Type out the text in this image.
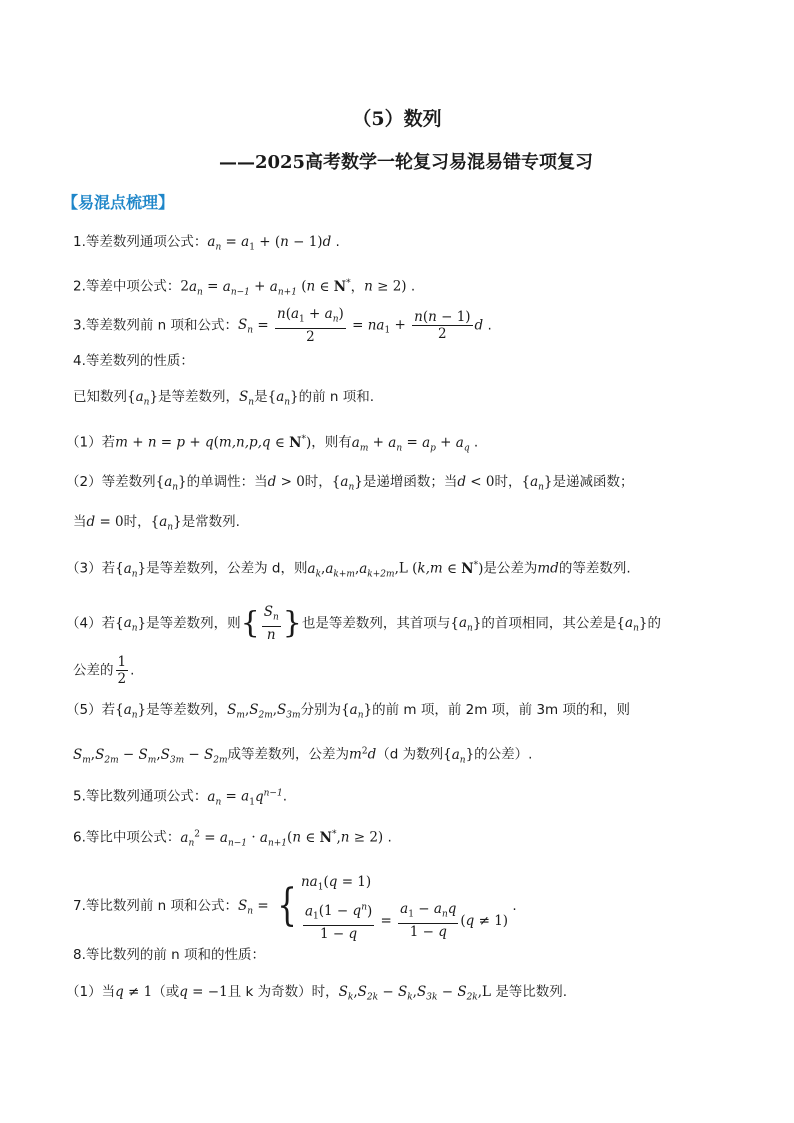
（5）数列
——2025高考数学一轮复习易混易错专项复习
【易混点梳理】
1.等差数列通项公式：$a_n = a_1 + (n - 1)d$ .
2.等差中项公式：$2a_n = a_{n-1} + a_{n+1}$ (n ∈ N*，n ≥ 2) .
3.等差数列前 n 项和公式：$S_n = \frac{n(a_1 + a_n)}{2} = na_1 + \frac{n(n - 1)}{2}$ d .
4.等差数列的性质：
已知数列$\{a_n\}$是等差数列，$S_n$是$\{a_n\}$的前 n 项和.
（1）若m + n = p + q(m,n,p,q ∈ N*)，则有$a_m + a_n = a_p + a_q$ .
（2）等差数列$\{a_n\}$的单调性：当d > 0时，$\{a_n\}$是递增函数；当d < 0时，$\{a_n\}$是递减函数；
当d = 0时，$\{a_n\}$是常数列.
（3）若$\{a_n\}$是等差数列，公差为 d，则$a_k,a_{k+m},a_{k+2m},L$ (k,m ∈ N*)是公差为md的等差数列.
（4）若$\{a_n\}$是等差数列，则{ $\frac{S_n}{n}$ }也是等差数列，其首项与$\{a_n\}$的首项相同，其公差是$\{a_n\}$的
公差的 $\frac{1}{2}$ .
（5）若$\{a_n\}$是等差数列，$S_m,S_{2m},S_{3m}$分别为$\{a_n\}$的前 m 项，前 2m 项，前 3m 项的和，则
$S_m,S_{2m} - S_m,S_{3m} - S_{2m}$成等差数列，公差为$m^2d(d$ 为数列$\{a_n\}$的公差）.
5.等比数列通项公式：$a_n = a_1q^{n-1}$.
6.等比中项公式：$a_n^2 = a_{n-1} \cdot a_{n+1}(n$ ∈ N*,n ≥ 2) .
7.等比数列前 n 项和公式：$S_n$ = { $na_1(q = 1)$
$\frac{a_1(1 - q^n)}{1 - q} = \frac{a_1 - a_nq}{1 - q} (q \ne 1)$
.
8.等比数列的前 n 项和的性质：
（1）当q ≠ 1（或q = −1且 k 为奇数）时，$S_k,S_{2k} - S_k,S_{3k} - S_{2k},L$ 是等比数列.
